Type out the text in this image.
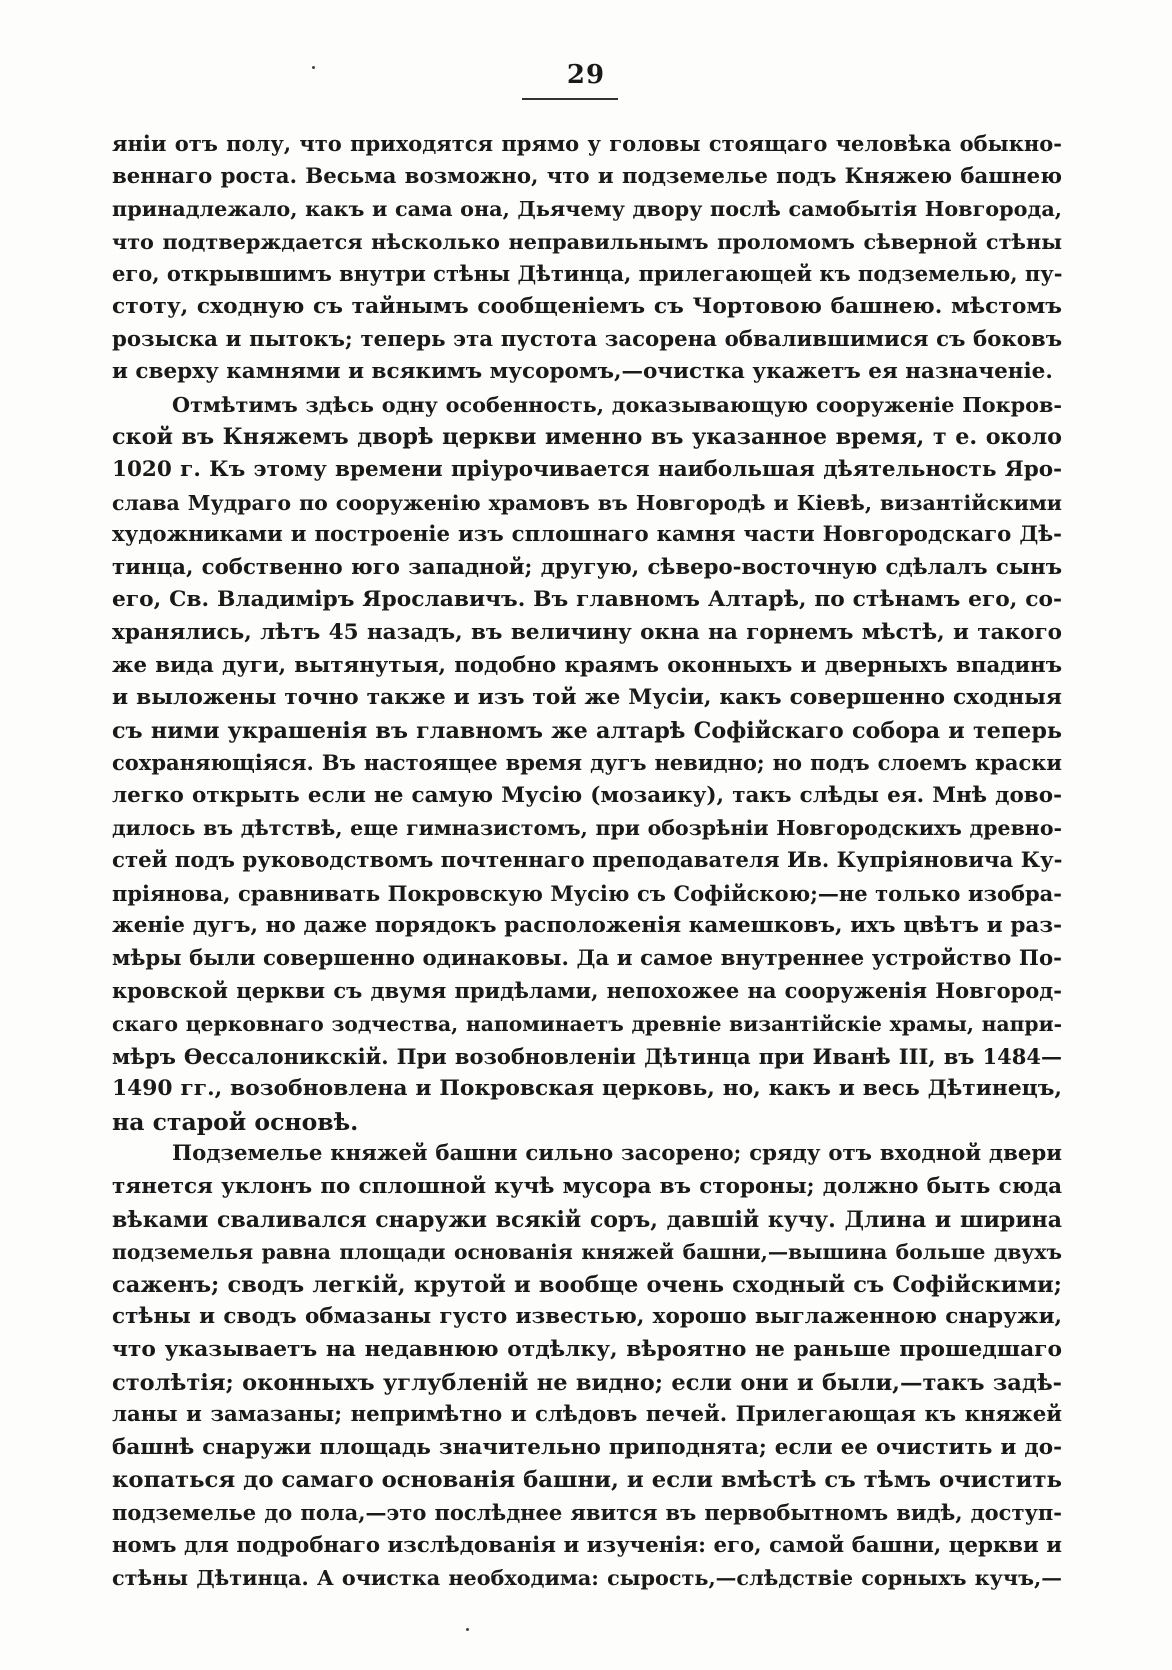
29
янiи отъ полу, что приходятся прямо у головы стоящаго человѣка обыкно-
веннаго роста. Весьма возможно, что и подземелье подъ Княжею башнею
принадлежало, какъ и сама она, Дьячему двору послѣ самобытiя Новгорода,
что подтверждается нѣсколько неправильнымъ проломомъ сѣверной стѣны
его, открывшимъ внутри стѣны Дѣтинца, прилегающей къ подземелью, пу-
стоту, сходную съ тайнымъ сообщенiемъ съ Чортовою башнею. мѣстомъ
розыска и пытокъ; теперь эта пустота засорена обвалившимися съ боковъ
и сверху камнями и всякимъ мусоромъ,—очистка укажетъ ея назначенiе.
Отмѣтимъ здѣсь одну особенность, доказывающую сооруженiе Покров-
ской въ Княжемъ дворѣ церкви именно въ указанное время, т е. около
1020 г. Къ этому времени прiурочивается наибольшая дѣятельность Яро-
слава Мудраго по сооруженiю храмовъ въ Новгородѣ и Кiевѣ, византiйскими
художниками и построенiе изъ сплошнаго камня части Новгородскаго Дѣ-
тинца, собственно юго западной; другую, сѣверо-восточную сдѣлалъ сынъ
его, Св. Владимiръ Ярославичъ. Въ главномъ Алтарѣ, по стѣнамъ его, со-
хранялись, лѣтъ 45 назадъ, въ величину окна на горнемъ мѣстѣ, и такого
же вида дуги, вытянутыя, подобно краямъ оконныхъ и дверныхъ впадинъ
и выложены точно также и изъ той же Мусiи, какъ совершенно сходныя
съ ними украшенiя въ главномъ же алтарѣ Софiйскаго собора и теперь
сохраняющiяся. Въ настоящее время дугъ невидно; но подъ слоемъ краски
легко открыть если не самую Мусiю (мозаику), такъ слѣды ея. Мнѣ дово-
дилось въ дѣтствѣ, еще гимназистомъ, при обозрѣнiи Новгородскихъ древно-
стей подъ руководствомъ почтеннаго преподавателя Ив. Купрiяновича Ку-
прiянова, сравнивать Покровскую Мусiю съ Софiйскою;—не только изобра-
женiе дугъ, но даже порядокъ расположенiя камешковъ, ихъ цвѣтъ и раз-
мѣры были совершенно одинаковы. Да и самое внутреннее устройство По-
кровской церкви съ двумя придѣлами, непохожее на сооруженiя Новгород-
скаго церковнаго зодчества, напоминаетъ древнiе византiйскiе храмы, напри-
мѣръ Ѳессалоникскiй. При возобновленiи Дѣтинца при Иванѣ III, въ 1484—
1490 гг., возобновлена и Покровская церковь, но, какъ и весь Дѣтинецъ,
на старой основѣ.
Подземелье княжей башни сильно засорено; сряду отъ входной двери
тянется уклонъ по сплошной кучѣ мусора въ стороны; должно быть сюда
вѣками сваливался снаружи всякiй соръ, давшiй кучу. Длина и ширина
подземелья равна площади основанiя княжей башни,—вышина больше двухъ
саженъ; сводъ легкiй, крутой и вообще очень сходный съ Софiйскими;
стѣны и сводъ обмазаны густо известью, хорошо выглаженною снаружи,
что указываетъ на недавнюю отдѣлку, вѣроятно не раньше прошедшаго
столѣтiя; оконныхъ углубленiй не видно; если они и были,—такъ задѣ-
ланы и замазаны; непримѣтно и слѣдовъ печей. Прилегающая къ княжей
башнѣ снаружи площадь значительно приподнята; если ее очистить и до-
копаться до самаго основанiя башни, и если вмѣстѣ съ тѣмъ очистить
подземелье до пола,—это послѣднее явится въ первобытномъ видѣ, доступ-
номъ для подробнаго изслѣдованiя и изученiя: его, самой башни, церкви и
стѣны Дѣтинца. А очистка необходима: сырость,—слѣдствiе сорныхъ кучъ,—
